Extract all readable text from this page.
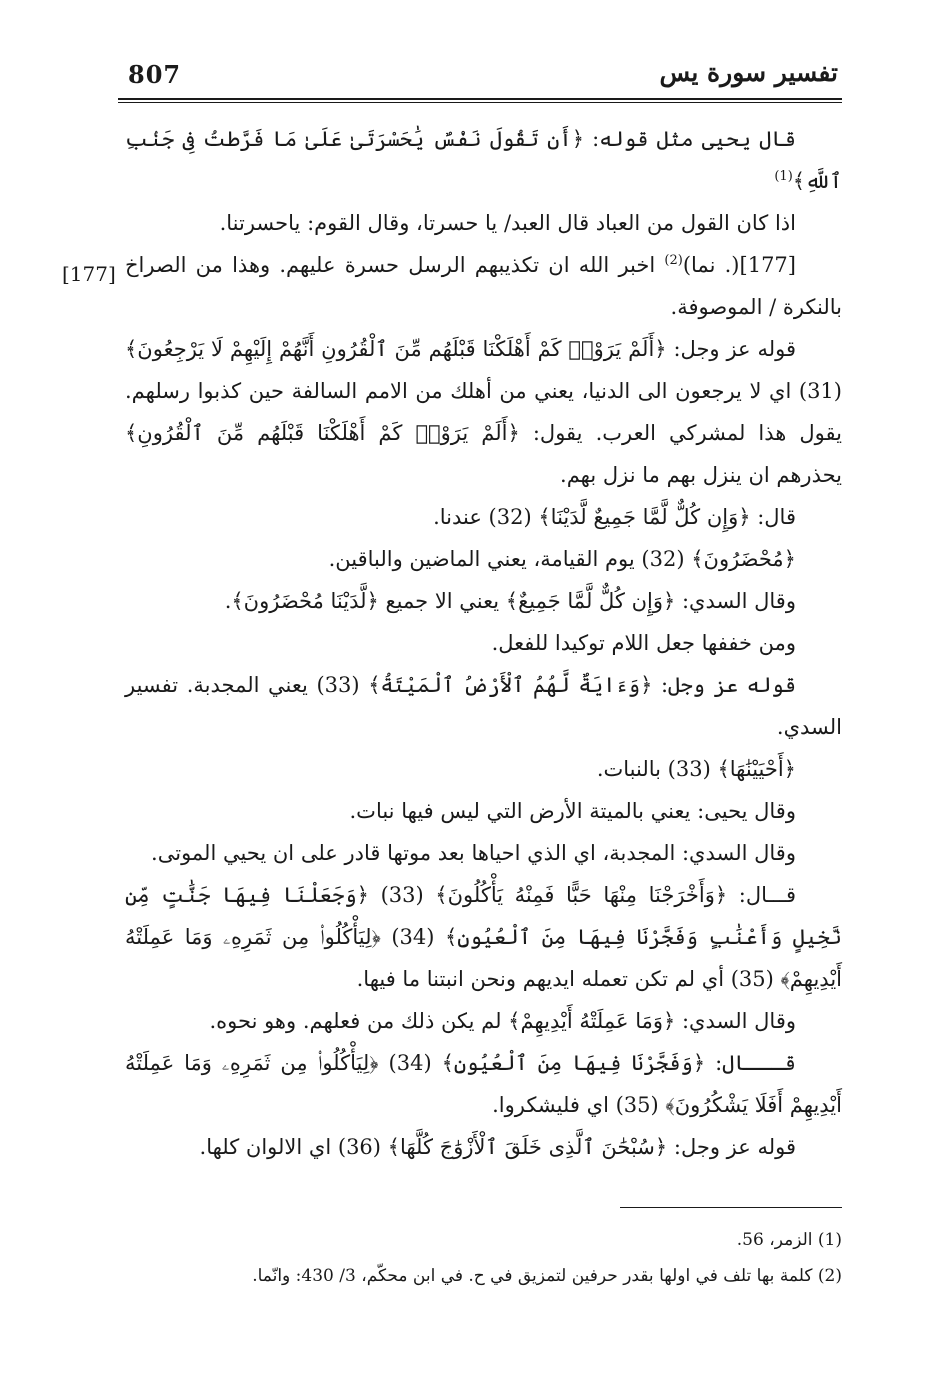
807	تفسير سورة يس
[177]

قال يحيى مثل قوله: ﴿أَن تَقُولَ نَفْسٌ يَٰحَسْرَتَىٰ عَلَىٰ مَا فَرَّطتُ فِى جَنۢبِ ٱللَّهِ﴾$^{(1)}$

اذا كان القول من العباد قال العبد/ يا حسرتا، وقال القوم: ياحسرتنا.

[177](. نما)$^{(2)}$ اخبر الله ان تكذيبهم الرسل حسرة عليهم. وهذا من الصراخ بالنكرة / الموصوفة.

قوله عز وجل: ﴿أَلَمْ يَرَوْا۟ كَمْ أَهْلَكْنَا قَبْلَهُم مِّنَ ٱلْقُرُونِ أَنَّهُمْ إِلَيْهِمْ لَا يَرْجِعُونَ﴾ (31) اي لا يرجعون الى الدنيا، يعني من أهلك من الامم السالفة حين كذبوا رسلهم. يقول هذا لمشركي العرب. يقول: ﴿أَلَمْ يَرَوْا۟ كَمْ أَهْلَكْنَا قَبْلَهُم مِّنَ ٱلْقُرُونِ﴾ يحذرهم ان ينزل بهم ما نزل بهم.

قال: ﴿وَإِن كُلٌّ لَّمَّا جَمِيعٌ لَّدَيْنَا﴾ (32) عندنا.

﴿مُحْضَرُونَ﴾ (32) يوم القيامة، يعني الماضين والباقين.

وقال السدي: ﴿وَإِن كُلٌّ لَّمَّا جَمِيعٌ﴾ يعني الا جميع ﴿لَّدَيْنَا مُحْضَرُونَ﴾.

ومن خففها جعل اللام توكيدا للفعل.

قوله عز وجل: ﴿وَءَايَةٌ لَّهُمُ ٱلْأَرْضُ ٱلْمَيْتَةُ﴾ (33) يعني المجدبة. تفسير السدي.

﴿أَحْيَيْنَٰهَا﴾ (33) بالنبات.

وقال يحيى: يعني بالميتة الأرض التي ليس فيها نبات.

وقال السدي: المجدبة، اي الذي احياها بعد موتها قادر على ان يحيي الموتى.

قـــال: ﴿وَأَخْرَجْنَا مِنْهَا حَبًّا فَمِنْهُ يَأْكُلُونَ﴾ (33) ﴿وَجَعَلْنَا فِيهَا جَنَّٰتٍ مِّن نَّخِيلٍ وَأَعْنَٰبٍ وَفَجَّرْنَا فِيهَا مِنَ ٱلْعُيُونِ﴾ (34) ﴿لِيَأْكُلُوا۟ مِن ثَمَرِهِۦ وَمَا عَمِلَتْهُ أَيْدِيهِمْ﴾ (35) أي لم تكن تعمله ايديهم ونحن انبتنا ما فيها.

وقال السدي: ﴿وَمَا عَمِلَتْهُ أَيْدِيهِمْ﴾ لم يكن ذلك من فعلهم. وهو نحوه.

قـــال: ﴿وَفَجَّرْنَا فِيهَا مِنَ ٱلْعُيُونِ﴾ (34) ﴿لِيَأْكُلُوا۟ مِن ثَمَرِهِۦ وَمَا عَمِلَتْهُ أَيْدِيهِمْ أَفَلَا يَشْكُرُونَ﴾ (35) اي فليشكروا.

قوله عز وجل: ﴿سُبْحَٰنَ ٱلَّذِى خَلَقَ ٱلْأَزْوَٰجَ كُلَّهَا﴾ (36) اي الالوان كلها.

(1) الزمر، 56.

(2) كلمة بها تلف في اولها بقدر حرفين لتمزيق في ح. في ابن محكّم، 3/ 430: وانّما.
